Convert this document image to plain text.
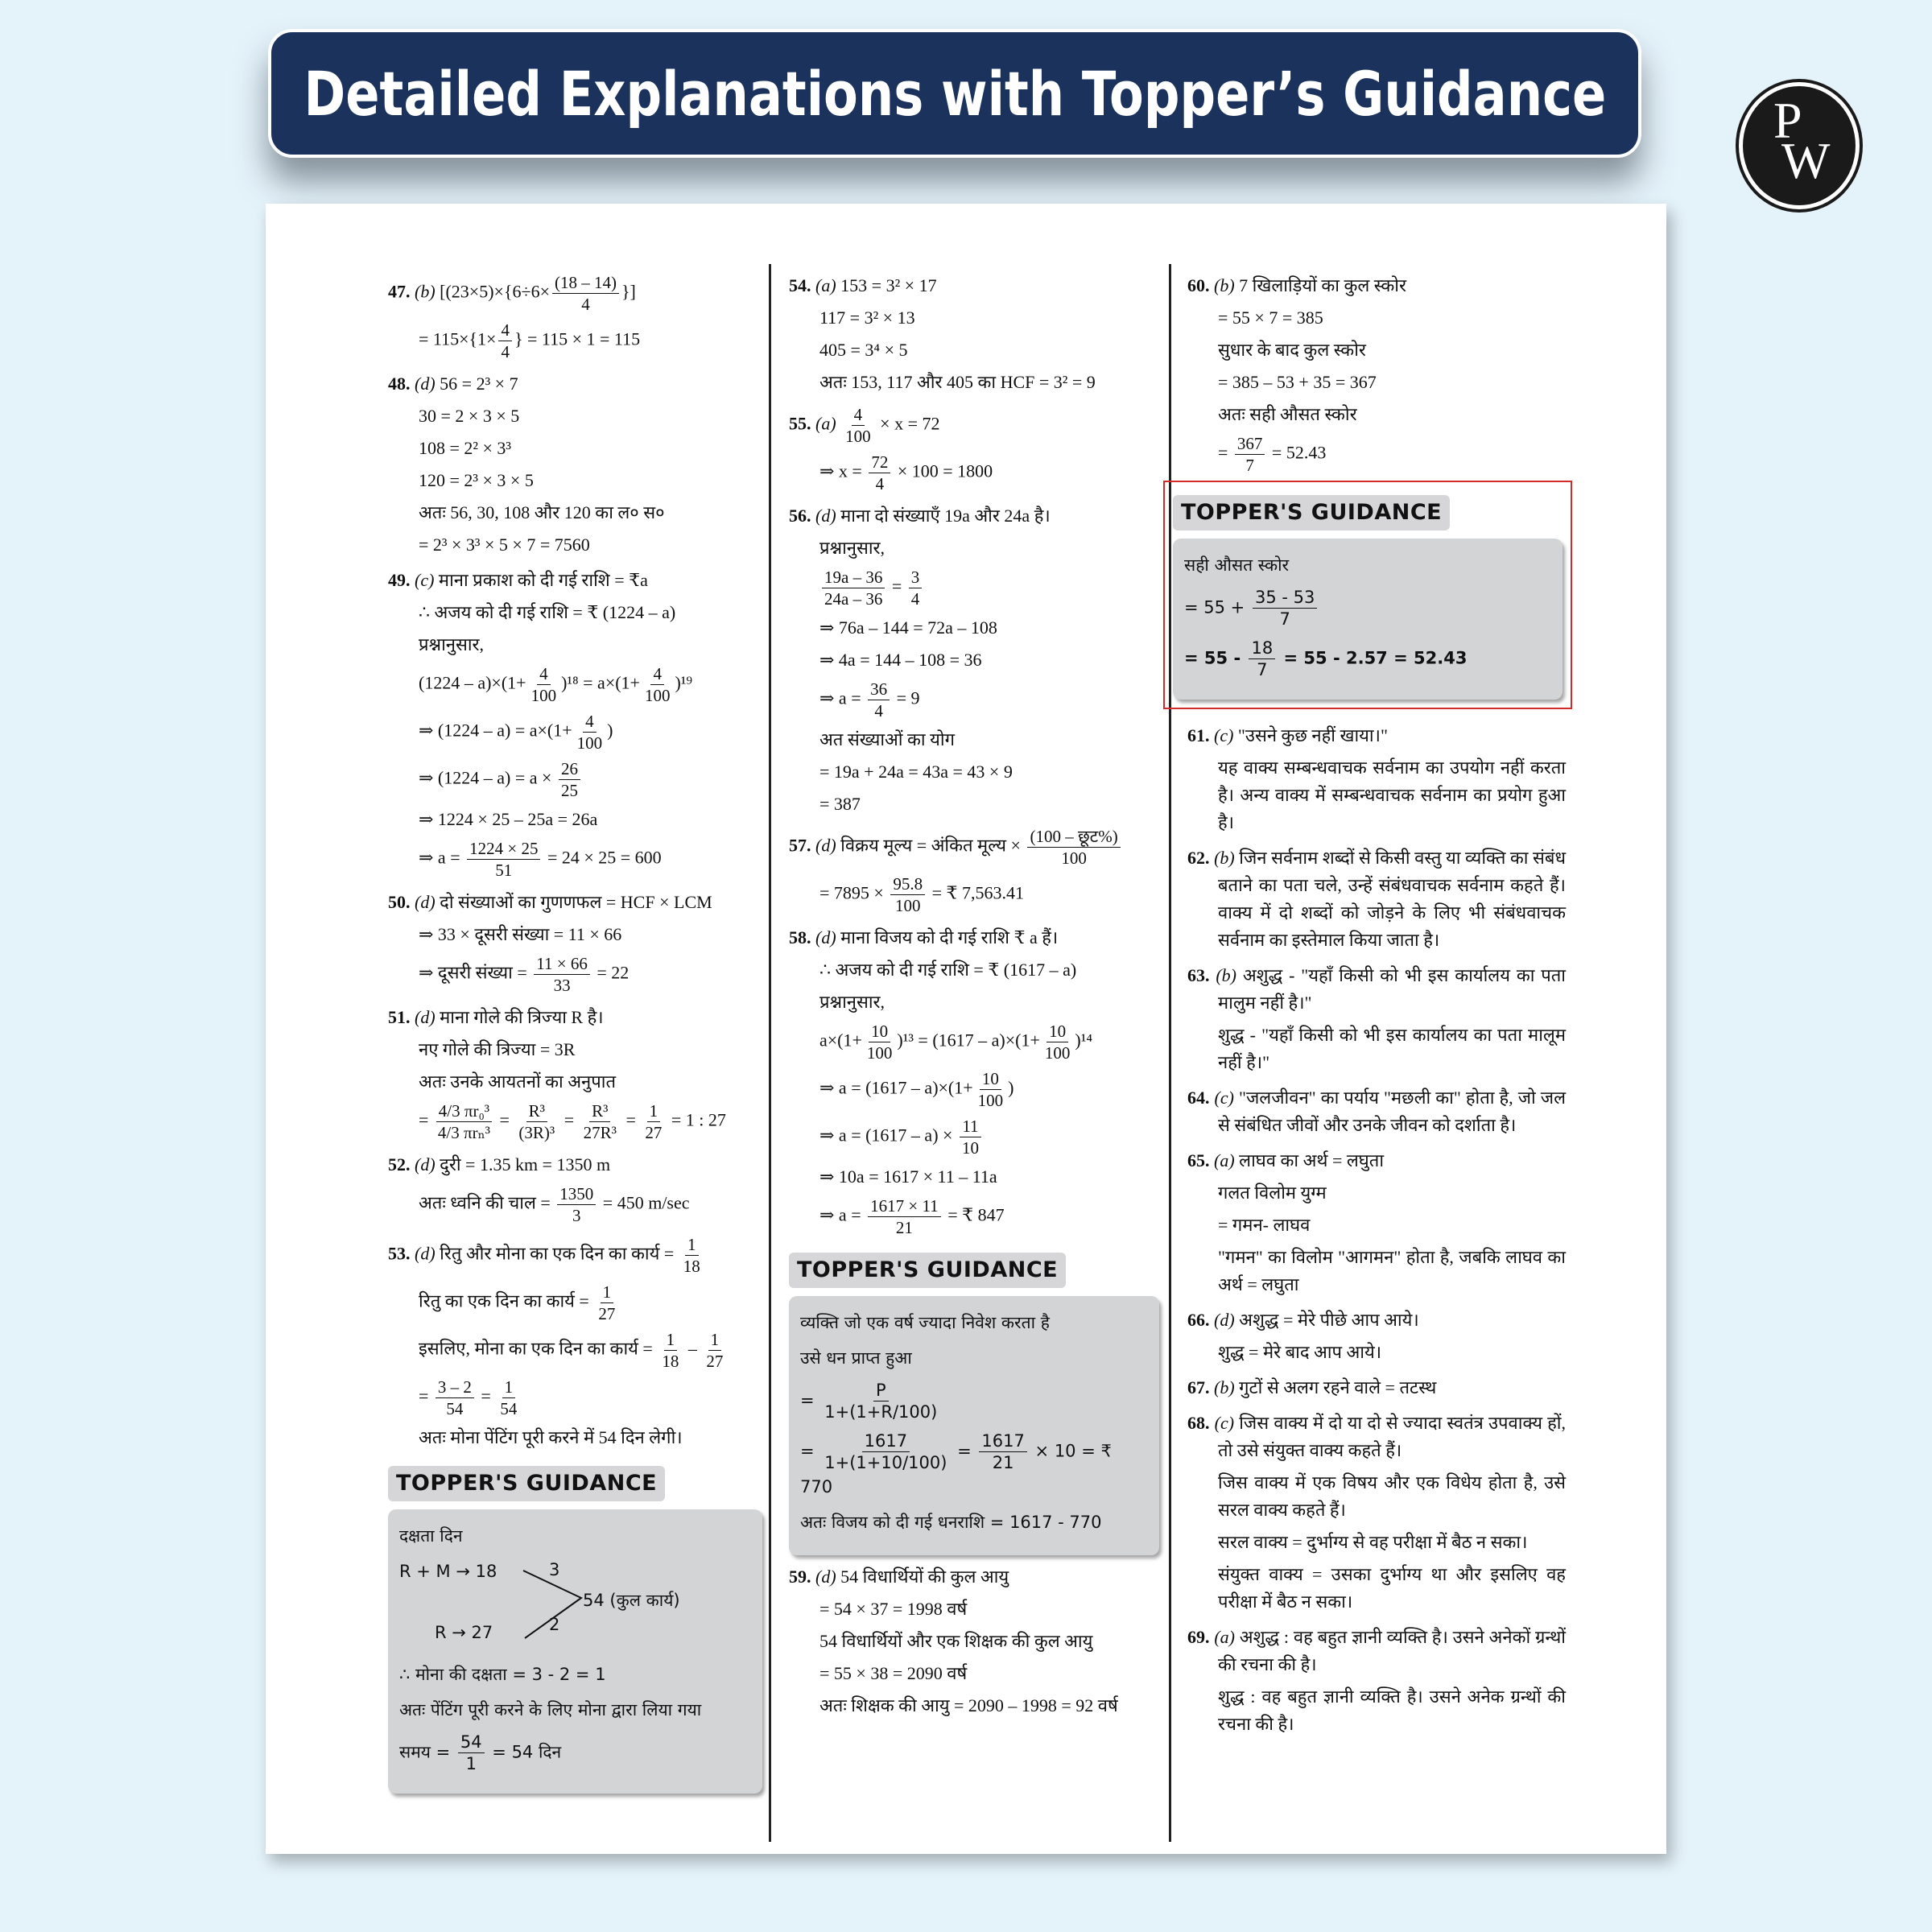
Detailed Explanations with Topper’s Guidance	P
W
47. (b) [$(23\times 5)\times\{6\div 6\times \frac{(18 - 14)}{4}$ }]
= $115\times\{1\times \frac{4}{4}$ } = 115 × 1 = 115
48. (d) 56 = 2³ × 7
30 = 2 × 3 × 5
108 = 2² × 3³
120 = 2³ × 3 × 5
अतः 56, 30, 108 और 120 का ल० स०
= 2³ × 3³ × 5 × 7 = 7560
49. (c) माना प्रकाश को दी गई राशि = ₹a
∴ अजय को दी गई राशि = ₹ (1224 – a)
प्रश्नानुसार,
$(1224 - a)\times(1+ \frac{4}{100} )^{18} = a\times(1+ \frac{4}{100} )^{19}$
⇒ $(1224 - a) = a\times(1+ \frac{4}{100}$ )
⇒ $(1224 - a) = a \times \frac{26}{25}$
⇒ 1224 × 25 – 25a = 26a
⇒ $a = \frac{1224 \times 25}{51} = 24 \times 25 = 600$
50. (d) दो संख्याओं का गुणणफल = HCF × LCM
⇒ 33 × दूसरी संख्या = 11 × 66
⇒ दूसरी संख्या = $\frac{11 \times 66}{33} = 22$
51. (d) माना गोले की त्रिज्या R है।
नए गोले की त्रिज्या = 3R
अतः उनके आयतनों का अनुपात
= 4/3 πr₀³
4/3 πrₙ³
= $\frac{\text{R³}}{\text{(3R)³}} = \frac{\text{R³}}{\text{27R³}} = \frac{1}{27} = 1$ : 27
52. (d) दुरी = 1.35 km = 1350 m
अतः ध्वनि की चाल = $\frac{1350}{3} = 450$ m/sec
53. (d) रितु और मोना का एक दिन का कार्य = $\frac{1}{18}$
रितु का एक दिन का कार्य = $\frac{1}{27}$
इसलिए, मोना का एक दिन का कार्य = $\frac{1}{18} - \frac{1}{27}$
= $\frac{3 - 2}{54} = \frac{1}{54}$
अतः मोना पेंटिंग पूरी करने में 54 दिन लेगी।
TOPPER'S GUIDANCE
दक्षता दिन
R + M → 18
R → 27
3
2
54 (कुल कार्य)
∴ मोना की दक्षता = 3 - 2 = 1
अतः पेंटिंग पूरी करने के लिए मोना द्वारा लिया गया
समय = $\frac{54}{1} = 54$ दिन
54. (a) 153 = 3² × 17
117 = 3² × 13
405 = 3⁴ × 5
अतः 153, 117 और 405 का HCF = 3² = 9
55. $(a) \frac{4}{100} \times x = 72$
⇒ $x = \frac{72}{4} \times 100 = 1800$
56. (d) माना दो संख्याएँ 19a और 24a है।
प्रश्नानुसार,
$\frac{19a - 36}{24a - 36} = \frac{3}{4}$
⇒ 76a – 144 = 72a – 108
⇒ 4a = 144 – 108 = 36
⇒ $a = \frac{36}{4} = 9$
अत संख्याओं का योग
= 19a + 24a = 43a = 43 × 9
= 387
57. (d) विक्रय मूल्य = अंकित मूल्य × (100 – छूट%)
100
= $7895 \times \frac{95.8}{100}$ = ₹ 7,563.41
58. (d) माना विजय को दी गई राशि ₹ a हैं।
∴ अजय को दी गई राशि = ₹ (1617 – a)
प्रश्नानुसार,
$a\times(1+ \frac{10}{100} )^{13} = (1617 - a)\times(1+ \frac{10}{100} )^{14}$
⇒ $a = (1617 - a)\times(1+ \frac{10}{100}$ )
⇒ $a = (1617 - a) \times \frac{11}{10}$
⇒ 10a = 1617 × 11 – 11a
⇒ $a = \frac{1617 \times 11}{21}$ = ₹ 847
TOPPER'S GUIDANCE
व्यक्ति जो एक वर्ष ज्यादा निवेश करता है
उसे धन प्राप्त हुआ
= $\frac{P}{1+(1+R/100)}$
= $\frac{1617}{1+(1+10/100)} = \frac{1617}{21} \times 10$ = ₹ 770
अतः विजय को दी गई धनराशि = 1617 - 770
59. (d) 54 विधार्थियों की कुल आयु
= 54 × 37 = 1998 वर्ष
54 विधार्थियों और एक शिक्षक की कुल आयु
= 55 × 38 = 2090 वर्ष
अतः शिक्षक की आयु = 2090 – 1998 = 92 वर्ष
60. (b) 7 खिलाड़ियों का कुल स्कोर
= 55 × 7 = 385
सुधार के बाद कुल स्कोर
= 385 – 53 + 35 = 367
अतः सही औसत स्कोर
= $\frac{367}{7} = 52.43$
TOPPER'S GUIDANCE
सही औसत स्कोर
= $55 + \frac{35 - 53}{7}$
= $55 - \frac{18}{7} = 55 - 2.57 = 52.43$
61. (c) "उसने कुछ नहीं खाया।"
यह वाक्य सम्बन्धवाचक सर्वनाम का उपयोग नहीं करता है। अन्य वाक्य में सम्बन्धवाचक सर्वनाम का प्रयोग हुआ है।
62. (b) जिन सर्वनाम शब्दों से किसी वस्तु या व्यक्ति का संबंध बताने का पता चले, उन्हें संबंधवाचक सर्वनाम कहते हैं। वाक्य में दो शब्दों को जोड़ने के लिए भी संबंधवाचक सर्वनाम का इस्तेमाल किया जाता है।
63. (b) अशुद्ध - "यहाँ किसी को भी इस कार्यालय का पता मालुम नहीं है।"
शुद्ध - "यहाँ किसी को भी इस कार्यालय का पता मालूम नहीं है।"
64. (c) "जलजीवन" का पर्याय "मछली का" होता है, जो जल से संबंधित जीवों और उनके जीवन को दर्शाता है।
65. (a) लाघव का अर्थ = लघुता
गलत विलोम युग्म
= गमन- लाघव
"गमन" का विलोम "आगमन" होता है, जबकि लाघव का अर्थ = लघुता
66. (d) अशुद्ध = मेरे पीछे आप आये।
शुद्ध = मेरे बाद आप आये।
67. (b) गुटों से अलग रहने वाले = तटस्थ
68. (c) जिस वाक्य में दो या दो से ज्यादा स्वतंत्र उपवाक्य हों, तो उसे संयुक्त वाक्य कहते हैं।
जिस वाक्य में एक विषय और एक विधेय होता है, उसे सरल वाक्य कहते हैं।
सरल वाक्य = दुर्भाग्य से वह परीक्षा में बैठ न सका।
संयुक्त वाक्य = उसका दुर्भाग्य था और इसलिए वह परीक्षा में बैठ न सका।
69. (a) अशुद्ध : वह बहुत ज्ञानी व्यक्ति है। उसने अनेकों ग्रन्थों की रचना की है।
शुद्ध : वह बहुत ज्ञानी व्यक्ति है। उसने अनेक ग्रन्थों की रचना की है।
